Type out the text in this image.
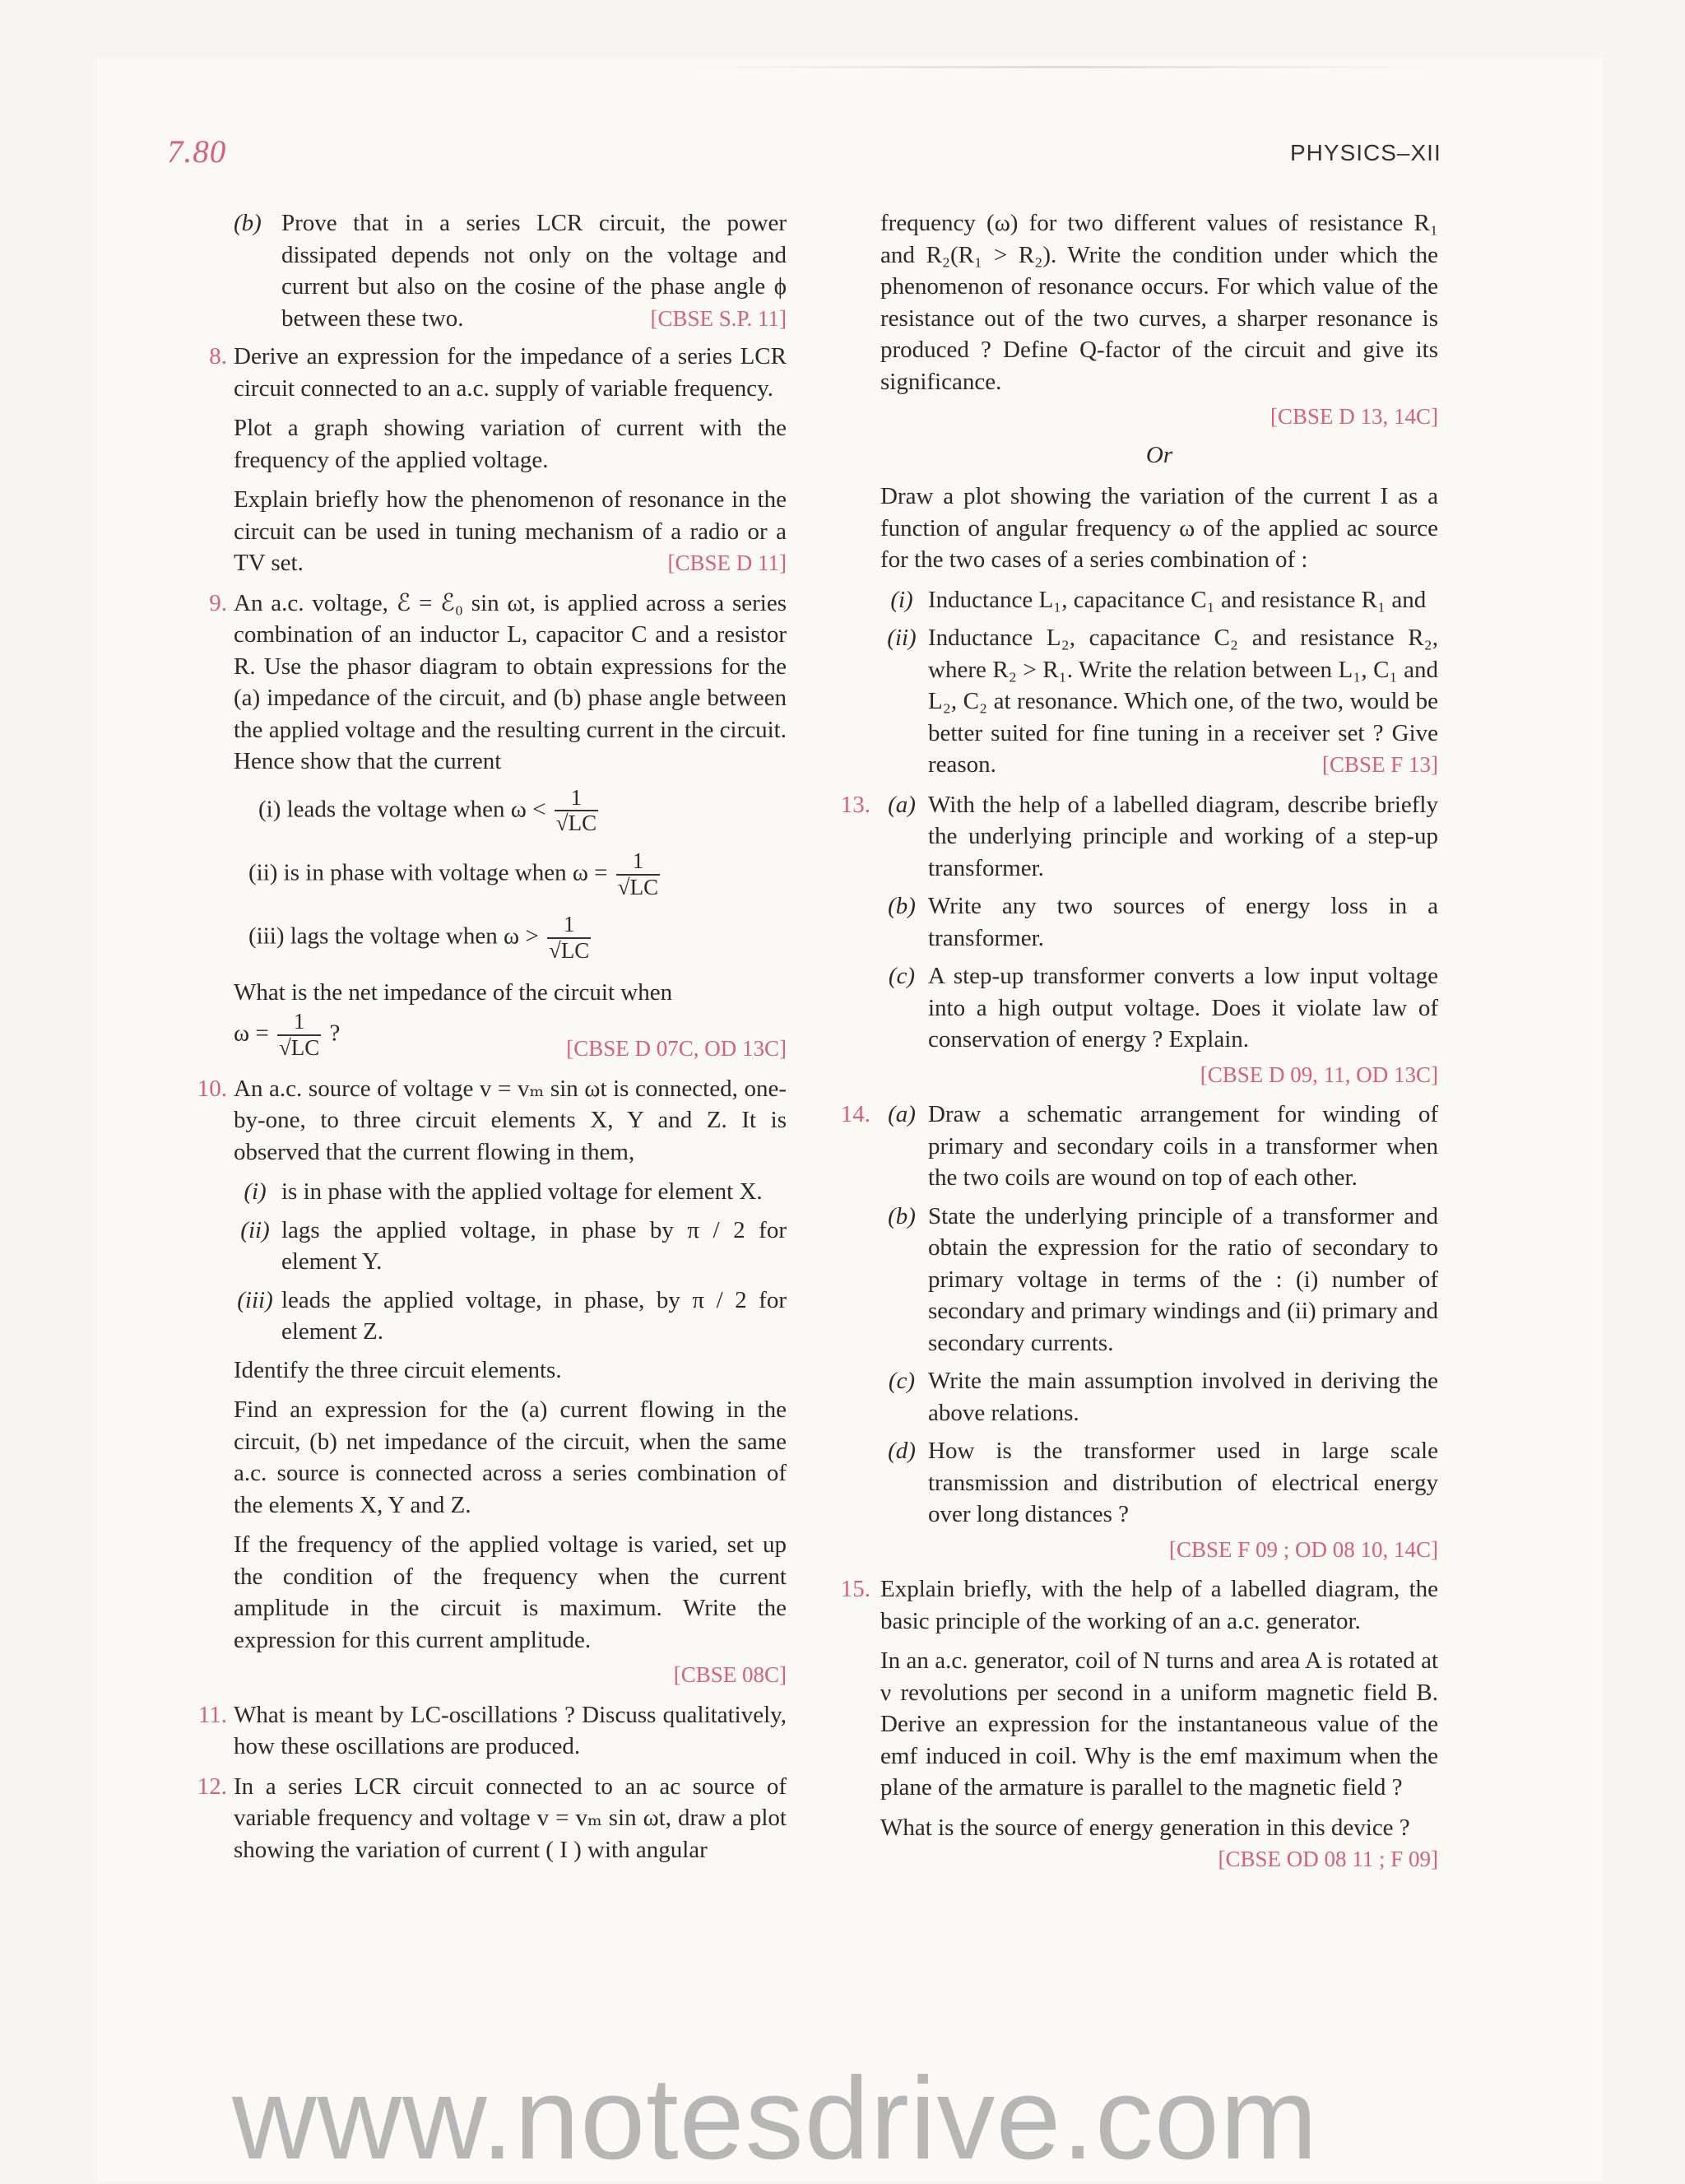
7.80	PHYSICS–XII
(b) Prove that in a series LCR circuit, the power dissipated depends not only on the voltage and current but also on the cosine of the phase angle ϕ between these two.	[CBSE S.P. 11]
8. Derive an expression for the impedance of a series LCR circuit connected to an a.c. supply of variable frequency.

Plot a graph showing variation of current with the frequency of the applied voltage.

Explain briefly how the phenomenon of resonance in the circuit can be used in tuning mechanism of a radio or a TV set.	[CBSE D 11]

9. An a.c. voltage, ℰ = ℰ₀ sin ωt, is applied across a series combination of an inductor L, capacitor C and a resistor R. Use the phasor diagram to obtain expressions for the (a) impedance of the circuit, and (b) phase angle between the applied voltage and the resulting current in the circuit. Hence show that the current

(i) leads the voltage when $\omega < \frac{1}{√LC}$
(ii) is in phase with voltage when $\omega = \frac{1}{√LC}$
(iii) lags the voltage when $\omega > \frac{1}{√LC}$

What is the net impedance of the circuit when

$\omega = \frac{1}{√LC}$ ?
[CBSE D 07C, OD 13C]
10. An a.c. source of voltage v = vₘ sin ωt is connected, one-by-one, to three circuit elements X, Y and Z. It is observed that the current flowing in them,

(i) is in phase with the applied voltage for element X.
(ii) lags the applied voltage, in phase by π / 2 for element Y.
(iii) leads the applied voltage, in phase, by π / 2 for element Z.

Identify the three circuit elements.

Find an expression for the (a) current flowing in the circuit, (b) net impedance of the circuit, when the same a.c. source is connected across a series combination of the elements X, Y and Z.

If the frequency of the applied voltage is varied, set up the condition of the frequency when the current amplitude in the circuit is maximum. Write the expression for this current amplitude.

[CBSE 08C]
11. What is meant by LC-oscillations ? Discuss qualitatively, how these oscillations are produced.

12. In a series LCR circuit connected to an ac source of variable frequency and voltage v = vₘ sin ωt, draw a plot showing the variation of current ( I ) with angular

frequency (ω) for two different values of resistance R₁ and R₂(R₁ > R₂). Write the condition under which the phenomenon of resonance occurs. For which value of the resistance out of the two curves, a sharper resonance is produced ? Define Q-factor of the circuit and give its significance.

[CBSE D 13, 14C]
Or

Draw a plot showing the variation of the current I as a function of angular frequency ω of the applied ac source for the two cases of a series combination of :

(i) Inductance L₁, capacitance C₁ and resistance R₁ and
(ii) Inductance L₂, capacitance C₂ and resistance R₂, where R₂ > R₁. Write the relation between L₁, C₁ and L₂, C₂ at resonance. Which one, of the two, would be better suited for fine tuning in a receiver set ? Give reason.	[CBSE F 13]
13. (a) With the help of a labelled diagram, describe briefly the underlying principle and working of a step-up transformer.
(b) Write any two sources of energy loss in a transformer.
(c) A step-up transformer converts a low input voltage into a high output voltage. Does it violate law of conservation of energy ? Explain.
[CBSE D 09, 11, OD 13C]
14. (a) Draw a schematic arrangement for winding of primary and secondary coils in a transformer when the two coils are wound on top of each other.
(b) State the underlying principle of a transformer and obtain the expression for the ratio of secondary to primary voltage in terms of the : (i) number of secondary and primary windings and (ii) primary and secondary currents.
(c) Write the main assumption involved in deriving the above relations.
(d) How is the transformer used in large scale transmission and distribution of electrical energy over long distances ?
[CBSE F 09 ; OD 08 10, 14C]
15. Explain briefly, with the help of a labelled diagram, the basic principle of the working of an a.c. generator.

In an a.c. generator, coil of N turns and area A is rotated at ν revolutions per second in a uniform magnetic field B. Derive an expression for the instantaneous value of the emf induced in coil. Why is the emf maximum when the plane of the armature is parallel to the magnetic field ?

What is the source of energy generation in this device ?
[CBSE OD 08 11 ; F 09]

www.notesdrive.com
